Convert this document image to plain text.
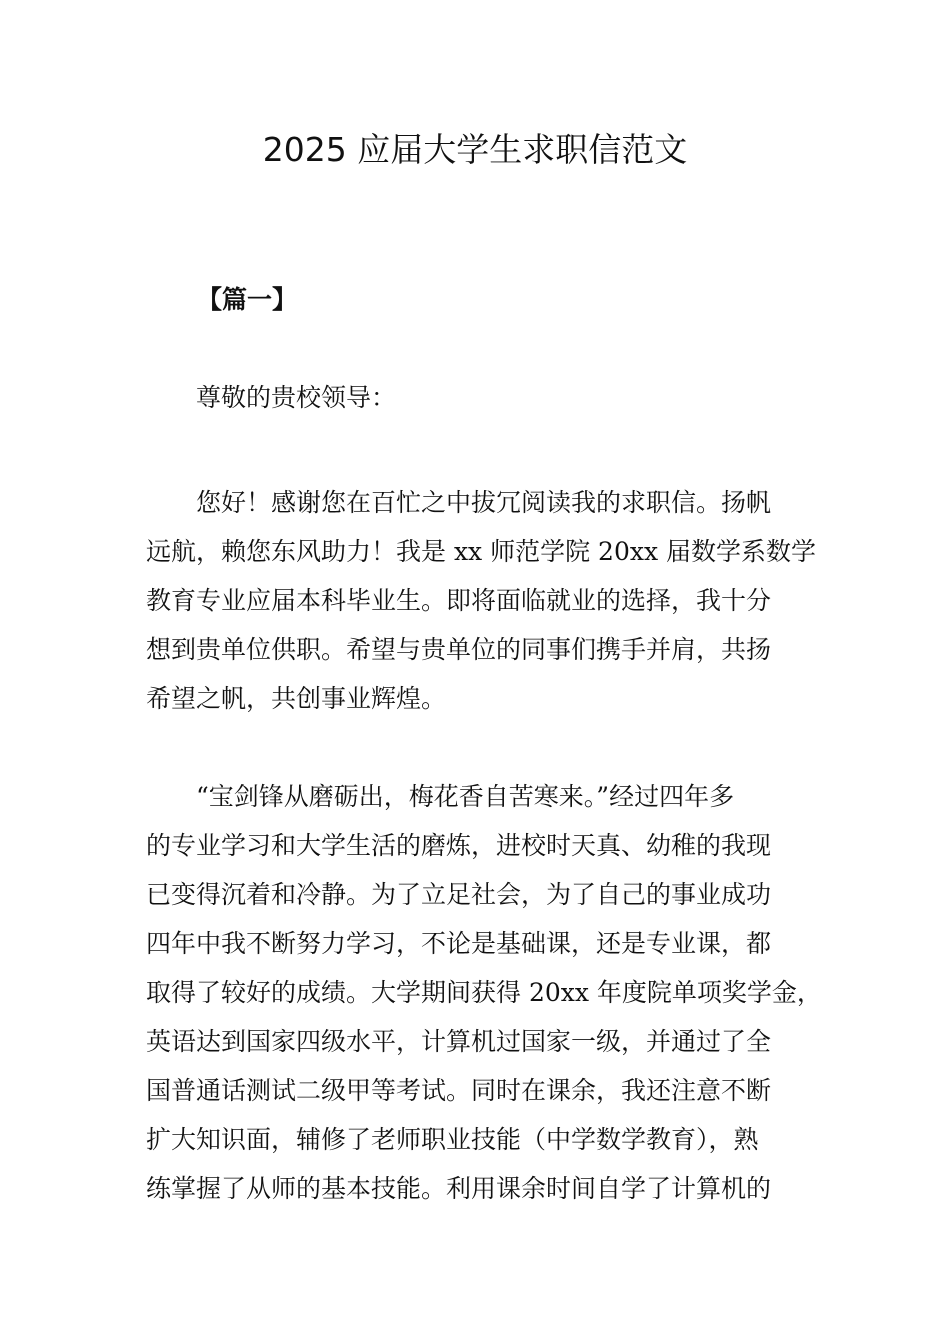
2025 应届大学生求职信范文
【篇一】
尊敬的贵校领导：
您好！感谢您在百忙之中拔冗阅读我的求职信。扬帆
远航，赖您东风助力！我是 xx 师范学院 20xx 届数学系数学
教育专业应届本科毕业生。即将面临就业的选择，我十分
想到贵单位供职。希望与贵单位的同事们携手并肩，共扬
希望之帆，共创事业辉煌。
“宝剑锋从磨砺出，梅花香自苦寒来。”经过四年多
的专业学习和大学生活的磨炼，进校时天真、幼稚的我现
已变得沉着和冷静。为了立足社会，为了自己的事业成功
四年中我不断努力学习，不论是基础课，还是专业课，都
取得了较好的成绩。大学期间获得 20xx 年度院单项奖学金，
英语达到国家四级水平，计算机过国家一级，并通过了全
国普通话测试二级甲等考试。同时在课余，我还注意不断
扩大知识面，辅修了老师职业技能（中学数学教育），熟
练掌握了从师的基本技能。利用课余时间自学了计算机的
